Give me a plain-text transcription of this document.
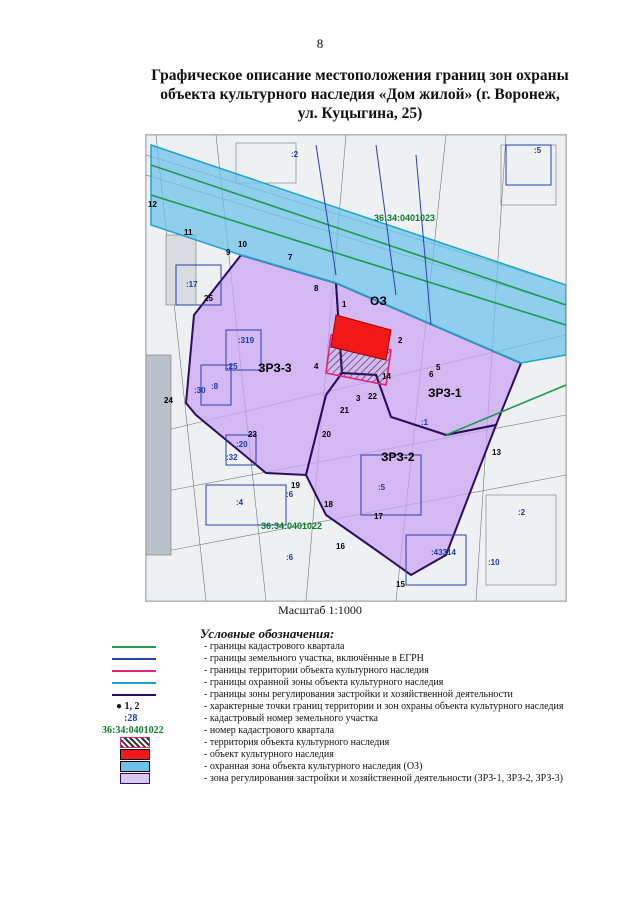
8
Графическое описание местоположения границ зон охраны
объекта культурного наследия «Дом жилой» (г. Воронеж,
ул. Куцыгина, 25)
36:34:0401023
36:34:0401022
ОЗ
ЗРЗ-1
ЗРЗ-2
ЗРЗ-3
1
2
3
4	5
6
7
8
9
10
11
12
13
14
15
16
17
18
19
20
21
22
23
24
25
:2	:5
:17
:319
:25
:8
:30
:1
:5
:32
:20
:4
:6
:6
:43314
:10
:2
Масштаб 1:1000
Условные обозначения:
- границы кадастрового квартала
- границы земельного участка, включённые в ЕГРН
- границы территории объекта культурного наследия
- границы охранной зоны объекта культурного наследия
- границы зоны регулирования застройки и хозяйственной деятельности
● 1, 2	- характерные точки границ территории и зон охраны объекта культурного наследия
:28	- кадастровый номер земельного участка
36:34:0401022	- номер кадастрового квартала
- территория объекта культурного наследия
- объект культурного наследия
- охранная зона объекта культурного наследия (ОЗ)
- зона регулирования застройки и хозяйственной деятельности (ЗРЗ-1, ЗРЗ-2, ЗРЗ-3)
